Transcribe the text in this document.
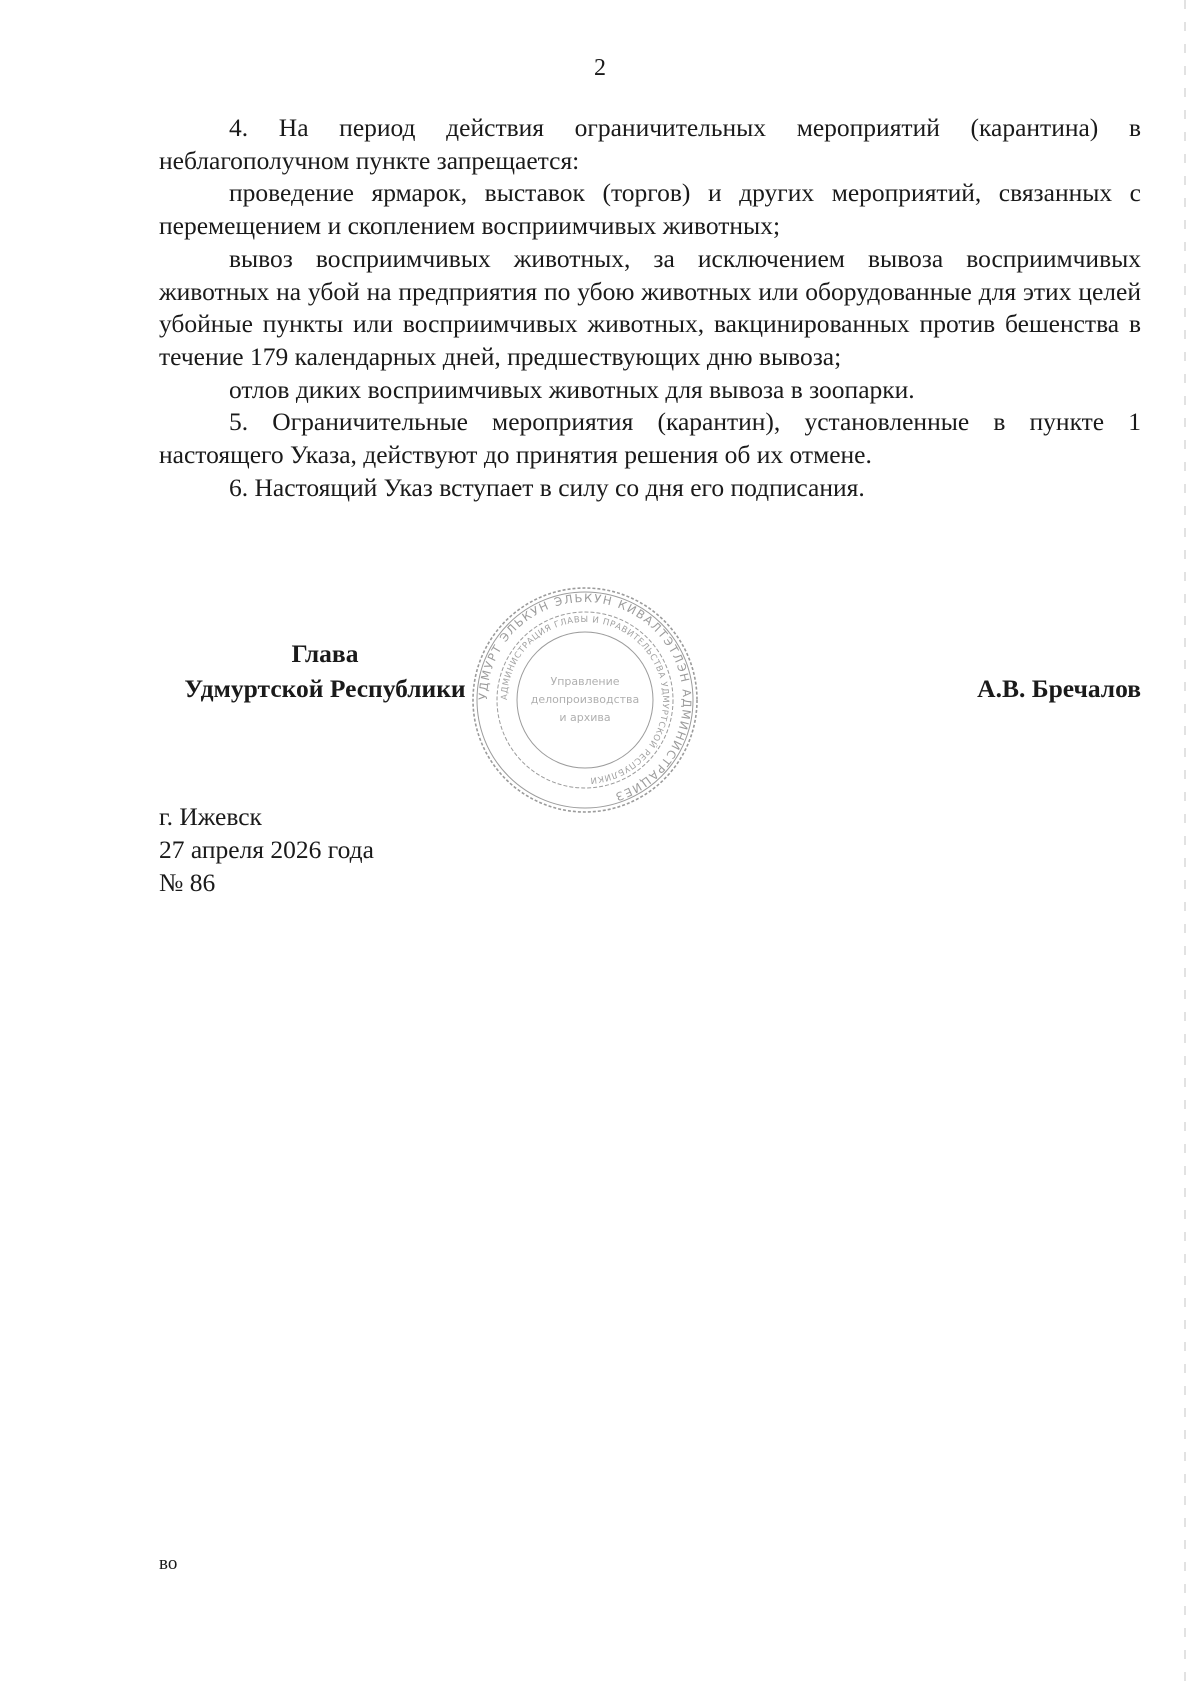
2

4. На период действия ограничительных мероприятий (карантина) в неблагополучном пункте запрещается:

проведение ярмарок, выставок (торгов) и других мероприятий, связанных с перемещением и скоплением восприимчивых животных;

вывоз восприимчивых животных, за исключением вывоза восприимчивых животных на убой на предприятия по убою животных или оборудованные для этих целей убойные пункты или восприимчивых животных, вакцинированных против бешенства в течение 179 календарных дней, предшествующих дню вывоза;

отлов диких восприимчивых животных для вывоза в зоопарки.

5. Ограничительные мероприятия (карантин), установленные в пункте 1 настоящего Указа, действуют до принятия решения об их отмене.

6. Настоящий Указ вступает в силу со дня его подписания.

Глава
Удмуртской Республики	А.В. Бречалов
УДМУРТ ЭЛЬКУН ЭЛЬКУН КИВАЛТЭТЛЭН АДМИНИСТРАЦИЕЗ
АДМИНИСТРАЦИЯ ГЛАВЫ И ПРАВИТЕЛЬСТВА УДМУРТСКОЙ РЕСПУБЛИКИ
Управление
делопроизводства
и архива
г. Ижевск
27 апреля 2026 года
№ 86
во
